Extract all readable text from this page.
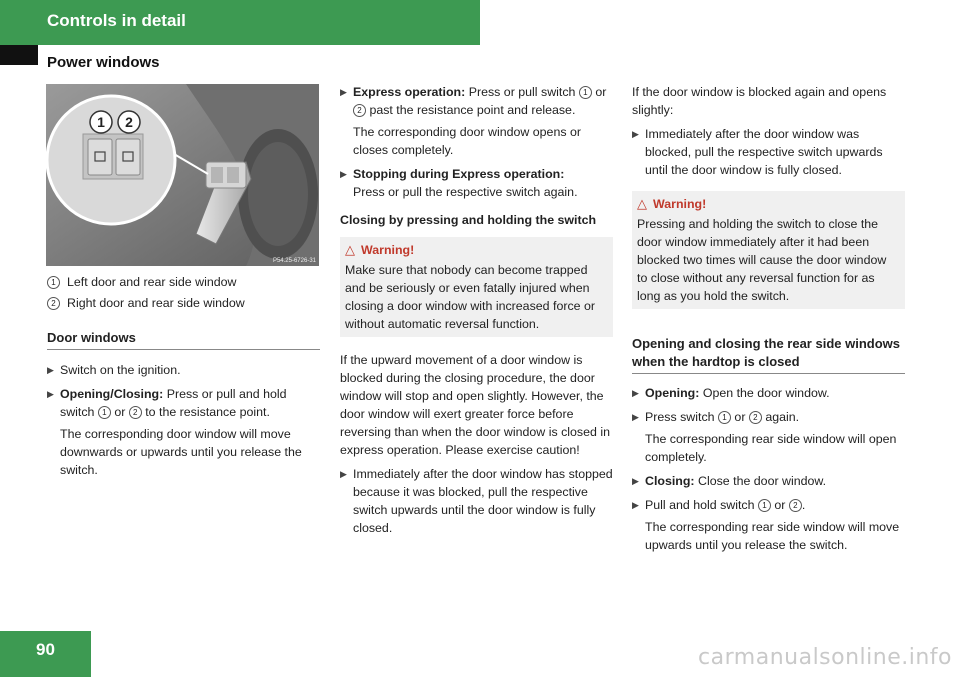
Controls in detail
Power windows
1 2
P54.25-6726-31

1 Left door and rear side window

2 Right door and rear side window

Door windows

▶ Switch on the ignition.

▶ Opening/Closing: Press or pull and hold switch 1 or 2 to the resistance point.

The corresponding door window will move downwards or upwards until you release the switch.

▶ Express operation: Press or pull switch 1 or 2 past the resistance point and release.

The corresponding door window opens or closes completely.

▶ Stopping during Express operation:
Press or pull the respective switch again.

Closing by pressing and holding the switch

△ Warning!

Make sure that nobody can become trapped and be seriously or even fatally injured when closing a door window with increased force or without automatic reversal function.

If the upward movement of a door window is blocked during the closing procedure, the door window will stop and open slightly. However, the door window will exert greater force before reversing than when the door window is closed in express operation. Please exercise caution!

▶ Immediately after the door window has stopped because it was blocked, pull the respective switch upwards until the door window is fully closed.

If the door window is blocked again and opens slightly:

▶ Immediately after the door window was blocked, pull the respective switch upwards until the door window is fully closed.

△ Warning!

Pressing and holding the switch to close the door window immediately after it had been blocked two times will cause the door window to close without any reversal function for as long as you hold the switch.

Opening and closing the rear side windows when the hardtop is closed

▶ Opening: Open the door window.

▶ Press switch 1 or 2 again.

The corresponding rear side window will open completely.

▶ Closing: Close the door window.

▶ Pull and hold switch 1 or 2 .

The corresponding rear side window will move upwards until you release the switch.

90	carmanualsonline.info
